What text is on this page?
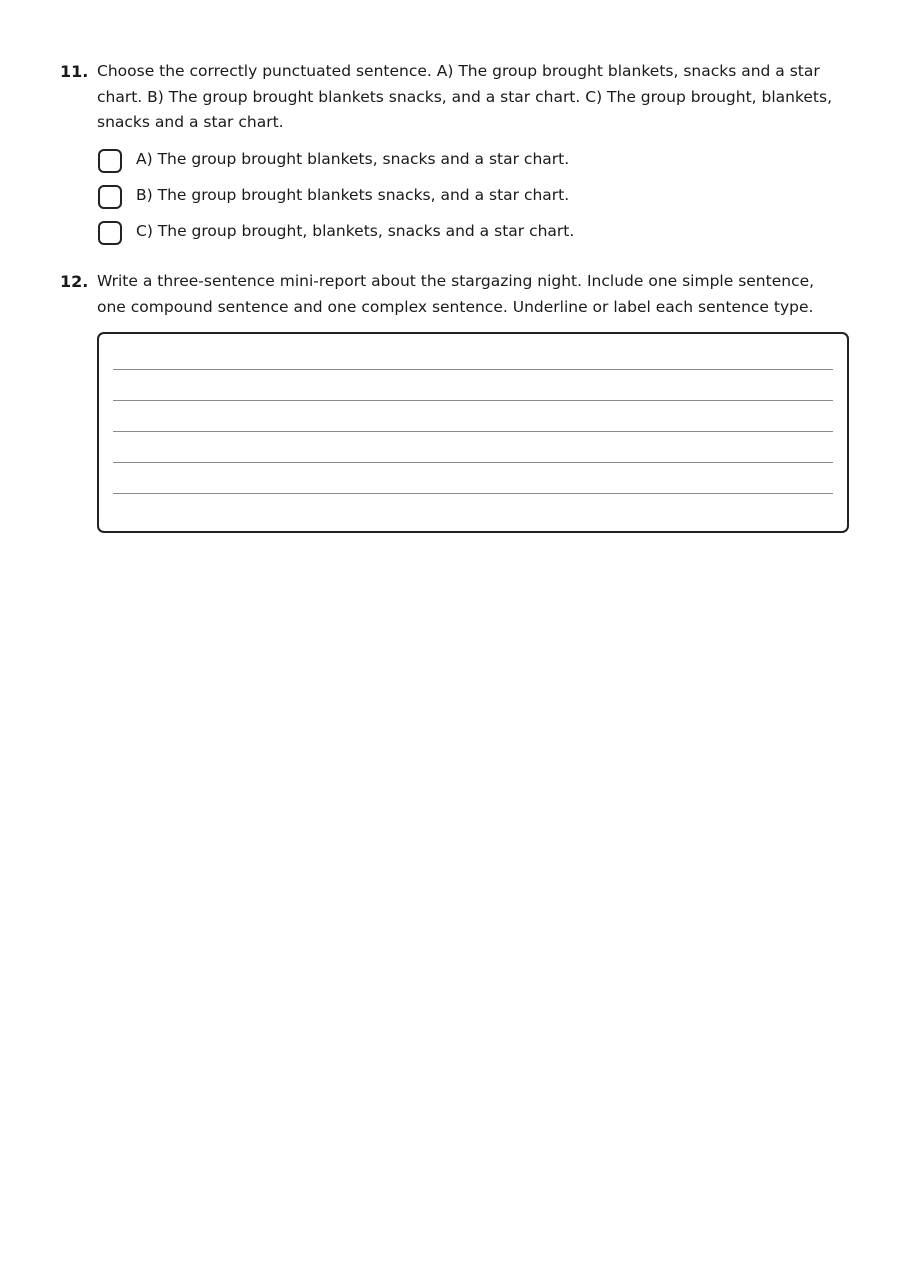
11. Choose the correctly punctuated sentence. A) The group brought blankets, snacks and a star chart. B) The group brought blankets snacks, and a star chart. C) The group brought, blankets, snacks and a star chart.
A) The group brought blankets, snacks and a star chart.
B) The group brought blankets snacks, and a star chart.
C) The group brought, blankets, snacks and a star chart.
12. Write a three-sentence mini-report about the stargazing night. Include one simple sentence, one compound sentence and one complex sentence. Underline or label each sentence type.
